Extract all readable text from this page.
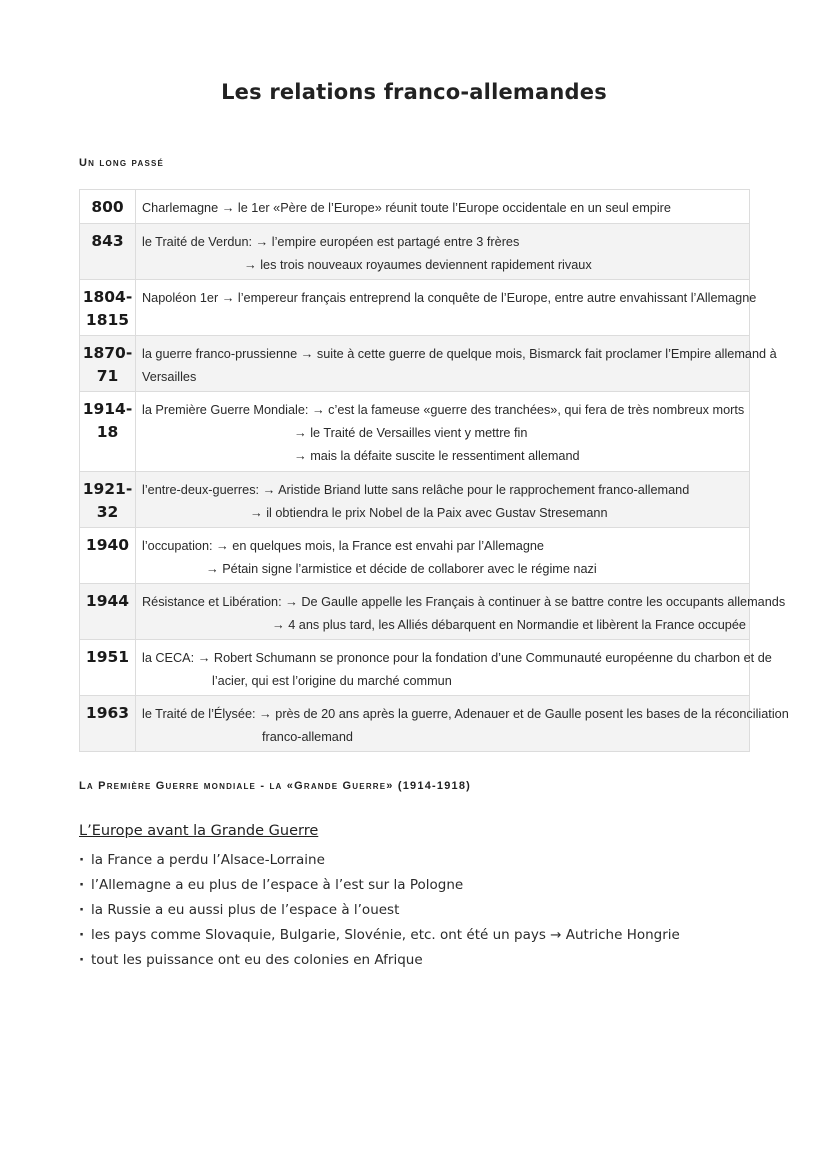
Les relations franco-allemandes
Un long passé
800	Charlemagne → le 1er «Père de l’Europe» réunit toute l’Europe occidentale en un seul empire

843	le Traité de Verdun: → l’empire européen est partagé entre 3 frères
→ les trois nouveaux royaumes deviennent rapidement rivaux

1804-1815	Napoléon 1er → l’empereur français entreprend la conquête de l’Europe, entre autre envahissant l’Allemagne

1870-71	la guerre franco-prussienne → suite à cette guerre de quelque mois, Bismarck fait proclamer l’Empire allemand à
Versailles

1914-18	la Première Guerre Mondiale: → c’est la fameuse «guerre des tranchées», qui fera de très nombreux morts
→ le Traité de Versailles vient y mettre fin
→ mais la défaite suscite le ressentiment allemand

1921-32	l’entre-deux-guerres: → Aristide Briand lutte sans relâche pour le rapprochement franco-allemand
→ il obtiendra le prix Nobel de la Paix avec Gustav Stresemann

1940	l’occupation: → en quelques mois, la France est envahi par l’Allemagne
→ Pétain signe l’armistice et décide de collaborer avec le régime nazi

1944	Résistance et Libération: → De Gaulle appelle les Français à continuer à se battre contre les occupants allemands
→ 4 ans plus tard, les Alliés débarquent en Normandie et libèrent la France occupée

1951	la CECA: → Robert Schumann se prononce pour la fondation d’une Communauté européenne du charbon et de
l’acier, qui est l’origine du marché commun

1963	le Traité de l’Élysée: → près de 20 ans après la guerre, Adenauer et de Gaulle posent les bases de la réconciliation
franco-allemand
La Première Guerre mondiale - la «Grande Guerre» (1914-1918)
L’Europe avant la Grande Guerre
· la France a perdu l’Alsace-Lorraine
· l’Allemagne a eu plus de l’espace à l’est sur la Pologne
· la Russie a eu aussi plus de l’espace à l’ouest
· les pays comme Slovaquie, Bulgarie, Slovénie, etc. ont été un pays → Autriche Hongrie
· tout les puissance ont eu des colonies en Afrique
